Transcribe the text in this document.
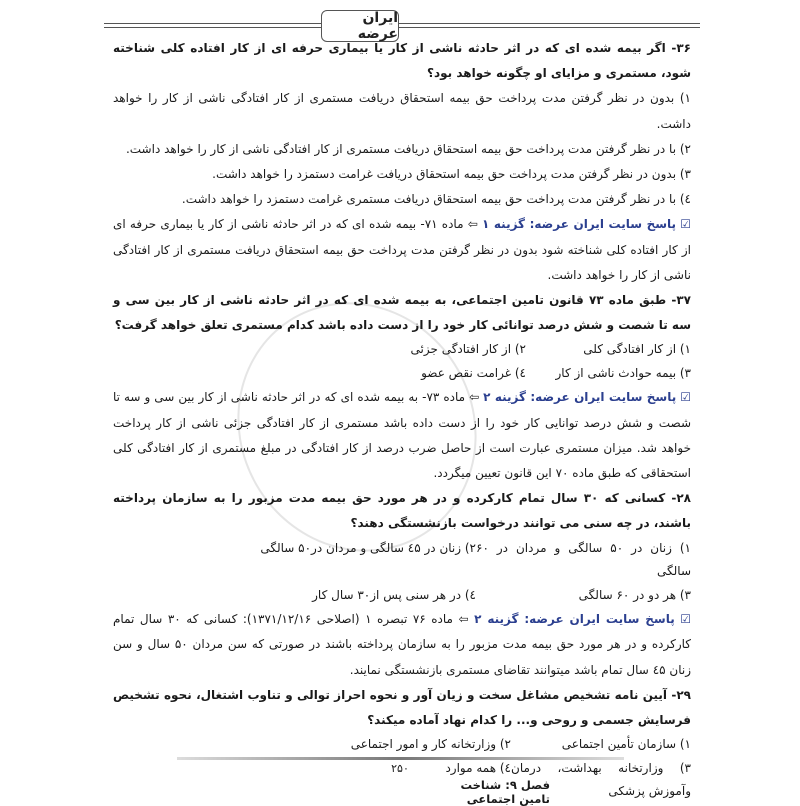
ایران عرضه
۳۶- اگر بیمه شده ای که در اثر حادثه ناشی از کار یا بیماری حرفه ای از کار افتاده کلی شناخته شود، مستمری و مزایای او چگونه خواهد بود؟
۱) بدون در نظر گرفتن مدت پرداخت حق بیمه استحقاق دریافت مستمری از کار افتادگی ناشی از کار را خواهد داشت.
۲) با در نظر گرفتن مدت پرداخت حق بیمه استحقاق دریافت مستمری از کار افتادگی ناشی از کار را خواهد داشت.
۳) بدون در نظر گرفتن مدت پرداخت حق بیمه استحقاق دریافت غرامت دستمزد را خواهد داشت.
٤) با در نظر گرفتن مدت پرداخت حق بیمه استحقاق دریافت مستمری غرامت دستمزد را خواهد داشت.
☑ پاسخ سایت ایران عرضه: گزینه ۱ ⇦ ماده ۷۱- بیمه شده ای که در اثر حادثه ناشی از کار یا بیماری حرفه ای از کار افتاده کلی شناخته شود بدون در نظر گرفتن مدت پرداخت حق بیمه استحقاق دریافت مستمری از کار افتادگی ناشی از کار را خواهد داشت.
۳۷- طبق ماده ۷۳ قانون تامین اجتماعی، به بیمه شده ای که در اثر حادثه ناشی از کار بین سی و سه تا شصت و شش درصد توانائی کار خود را از دست داده باشد کدام مستمری تعلق خواهد گرفت؟
۱) از کار افتادگی کلی
۲) از کار افتادگی جزئی
۳) بیمه حوادث ناشی از کار
٤) غرامت نقص عضو
☑ پاسخ سایت ایران عرضه: گزینه ۲ ⇦ ماده ۷۳- به بیمه شده ای که در اثر حادثه ناشی از کار بین سی و سه تا شصت و شش درصد توانایی کار خود را از دست داده باشد مستمری از کار افتادگی جزئی ناشی از کار پرداخت خواهد شد. میزان مستمری عبارت است از حاصل ضرب درصد از کار افتادگی در مبلغ مستمری از کار افتادگی کلی استحقاقی که طبق ماده ۷۰ این قانون تعیین میگردد.
۲۸- کسانی که ۳۰ سال تمام کارکرده و در هر مورد حق بیمه مدت مزبور را به سازمان پرداخته باشند، در چه سنی می توانند درخواست بازنشستگی دهند؟
۱) زنان در ۵۰ سالگی و مردان در ۶۰ سالگی
۲) زنان در ٤۵ سالگی و مردان در۵۰ سالگی
۳) هر دو در ۶۰ سالگی
٤) در هر سنی پس از۳۰ سال کار
☑ پاسخ سایت ایران عرضه: گزینه ۲ ⇦ ماده ۷۶ تبصره ۱ (اصلاحی ۱۳۷۱/۱۲/۱۶): کسانی که ۳۰ سال تمام کارکرده و در هر مورد حق بیمه مدت مزبور را به سازمان پرداخته باشند در صورتی که سن مردان ۵۰ سال و سن زنان ٤۵ سال تمام باشد میتوانند تقاضای مستمری بازنشستگی نمایند.
۲۹- آیین نامه تشخیص مشاغل سخت و زیان آور و نحوه احراز توالی و تناوب اشتغال، نحوه تشخیص فرسایش جسمی و روحی و... را کدام نهاد آماده میکند؟
۱) سازمان تأمین اجتماعی
۲) وزارتخانه کار و امور اجتماعی
۳) وزارتخانه بهداشت، درمان وآموزش پزشکی
٤) همه موارد
۲۵۰
فصل ۹: شناخت تامین اجتماعی
